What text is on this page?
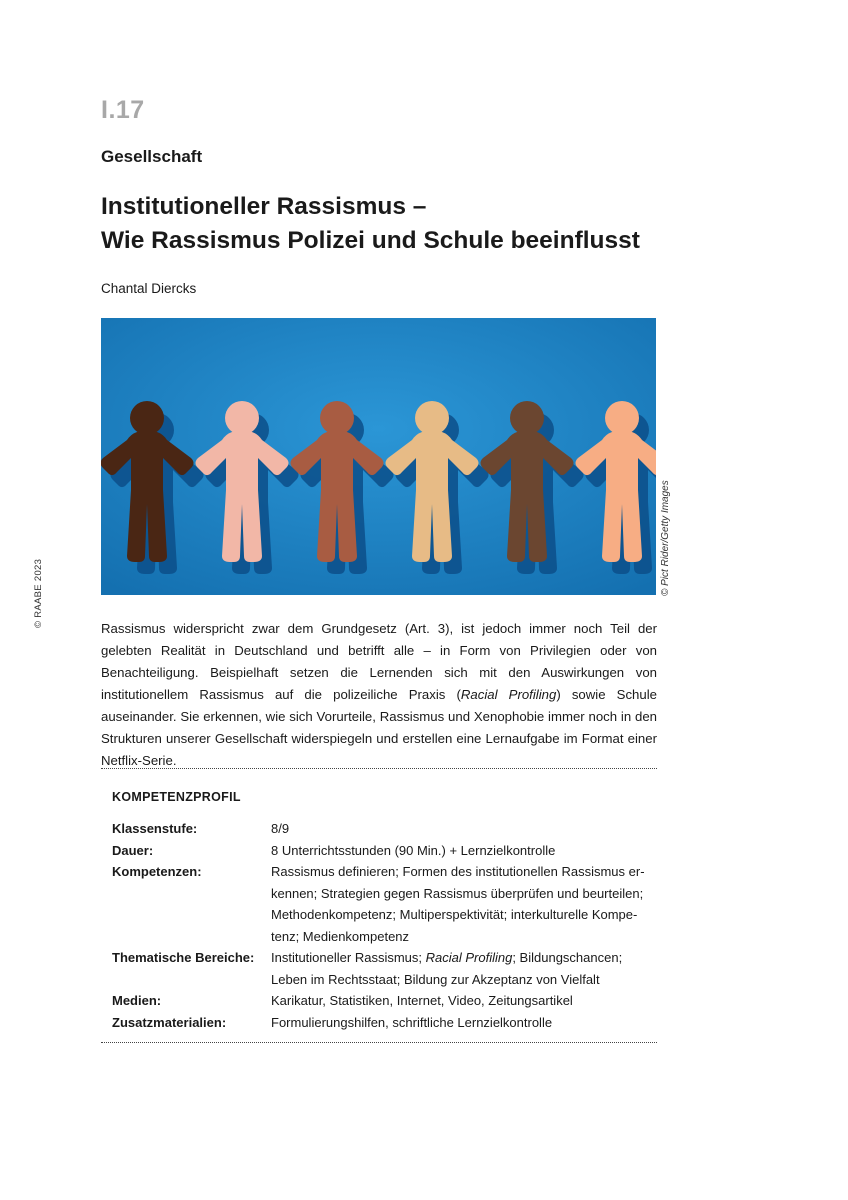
I.17
Gesellschaft
Institutioneller Rassismus –
Wie Rassismus Polizei und Schule beeinflusst
Chantal Diercks
© Pict Rider/Getty Images
© RAABE 2023

Rassismus widerspricht zwar dem Grundgesetz (Art. 3), ist jedoch immer noch Teil der gelebten Realität in Deutschland und betrifft alle – in Form von Privilegien oder von Benachteiligung. Beispielhaft setzen die Lernenden sich mit den Auswirkungen von institutionellem Rassismus auf die polizeiliche Praxis (Racial Profiling) sowie Schule auseinander. Sie erkennen, wie sich Vorurteile, Rassismus und Xenophobie immer noch in den Strukturen unserer Gesellschaft widerspiegeln und erstellen eine Lernaufgabe im Format einer Netflix-Serie.

KOMPETENZPROFIL
Klassenstufe:	8/9
Dauer:	8 Unterrichtsstunden (90 Min.) + Lernzielkontrolle
Kompetenzen:	Rassismus definieren; Formen des institutionellen Rassismus er-
kennen; Strategien gegen Rassismus überprüfen und beurteilen;
Methodenkompetenz; Multiperspektivität; interkulturelle Kompe-
tenz; Medienkompetenz
Thematische Bereiche:	Institutioneller Rassismus; Racial Profiling; Bildungschancen;
Leben im Rechtsstaat; Bildung zur Akzeptanz von Vielfalt
Medien:	Karikatur, Statistiken, Internet, Video, Zeitungsartikel
Zusatzmaterialien:	Formulierungshilfen, schriftliche Lernzielkontrolle
